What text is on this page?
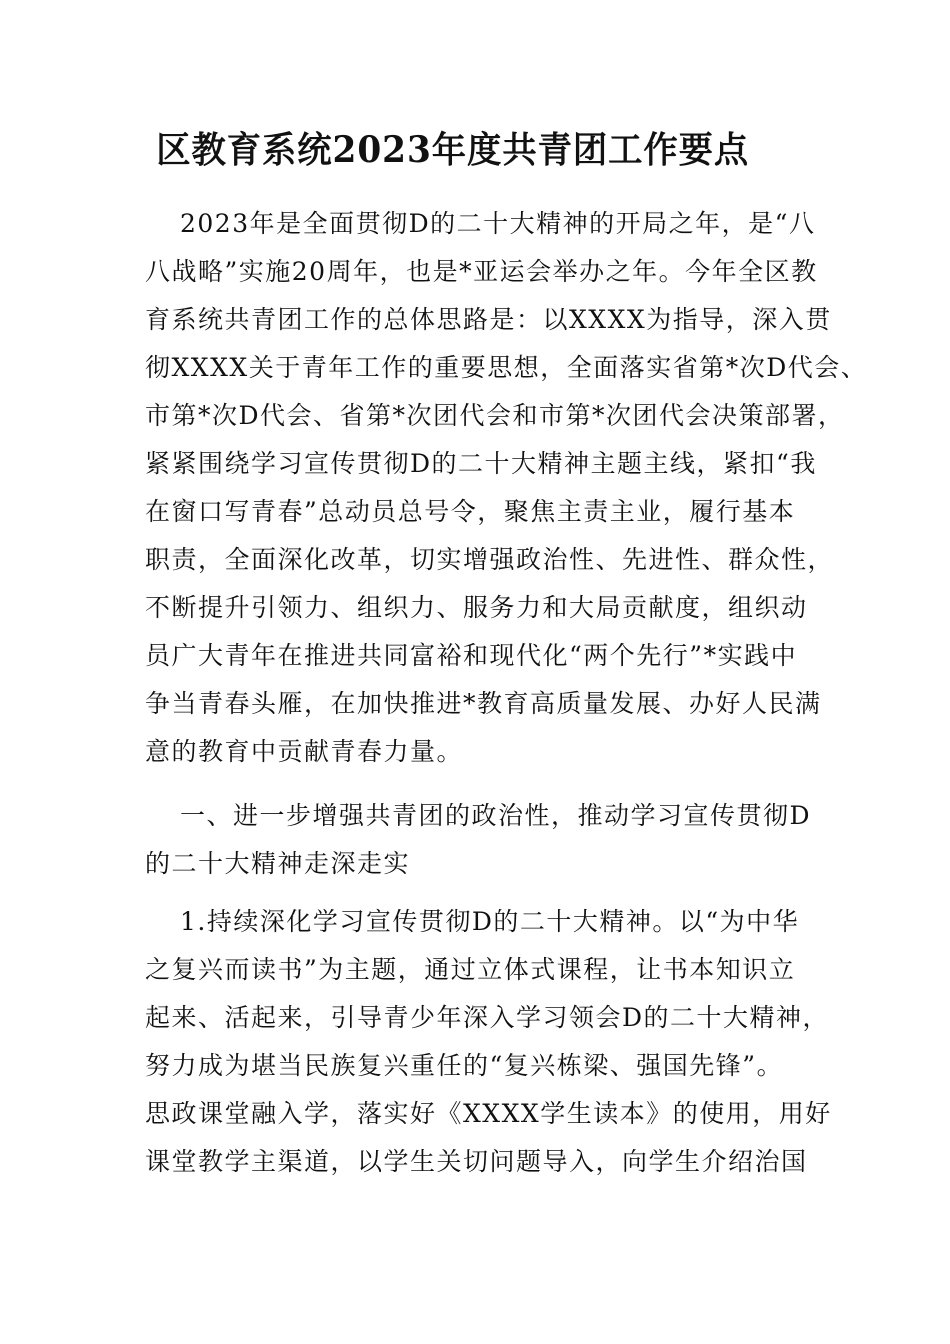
区教育系统2023年度共青团工作要点
2023年是全面贯彻D的二十大精神的开局之年，是“八
八战略”实施20周年，也是*亚运会举办之年。今年全区教
育系统共青团工作的总体思路是：以XXXX为指导，深入贯
彻XXXX关于青年工作的重要思想，全面落实省第*次D代会、
市第*次D代会、省第*次团代会和市第*次团代会决策部署，
紧紧围绕学习宣传贯彻D的二十大精神主题主线，紧扣“我
在窗口写青春”总动员总号令，聚焦主责主业，履行基本
职责，全面深化改革，切实增强政治性、先进性、群众性，
不断提升引领力、组织力、服务力和大局贡献度，组织动
员广大青年在推进共同富裕和现代化“两个先行”*实践中
争当青春头雁，在加快推进*教育高质量发展、办好人民满
意的教育中贡献青春力量。
一、进一步增强共青团的政治性，推动学习宣传贯彻D
的二十大精神走深走实
1.持续深化学习宣传贯彻D的二十大精神。以“为中华
之复兴而读书”为主题，通过立体式课程，让书本知识立
起来、活起来，引导青少年深入学习领会D的二十大精神，
努力成为堪当民族复兴重任的“复兴栋梁、强国先锋”。
思政课堂融入学，落实好《XXXX学生读本》的使用，用好
课堂教学主渠道，以学生关切问题导入，向学生介绍治国
